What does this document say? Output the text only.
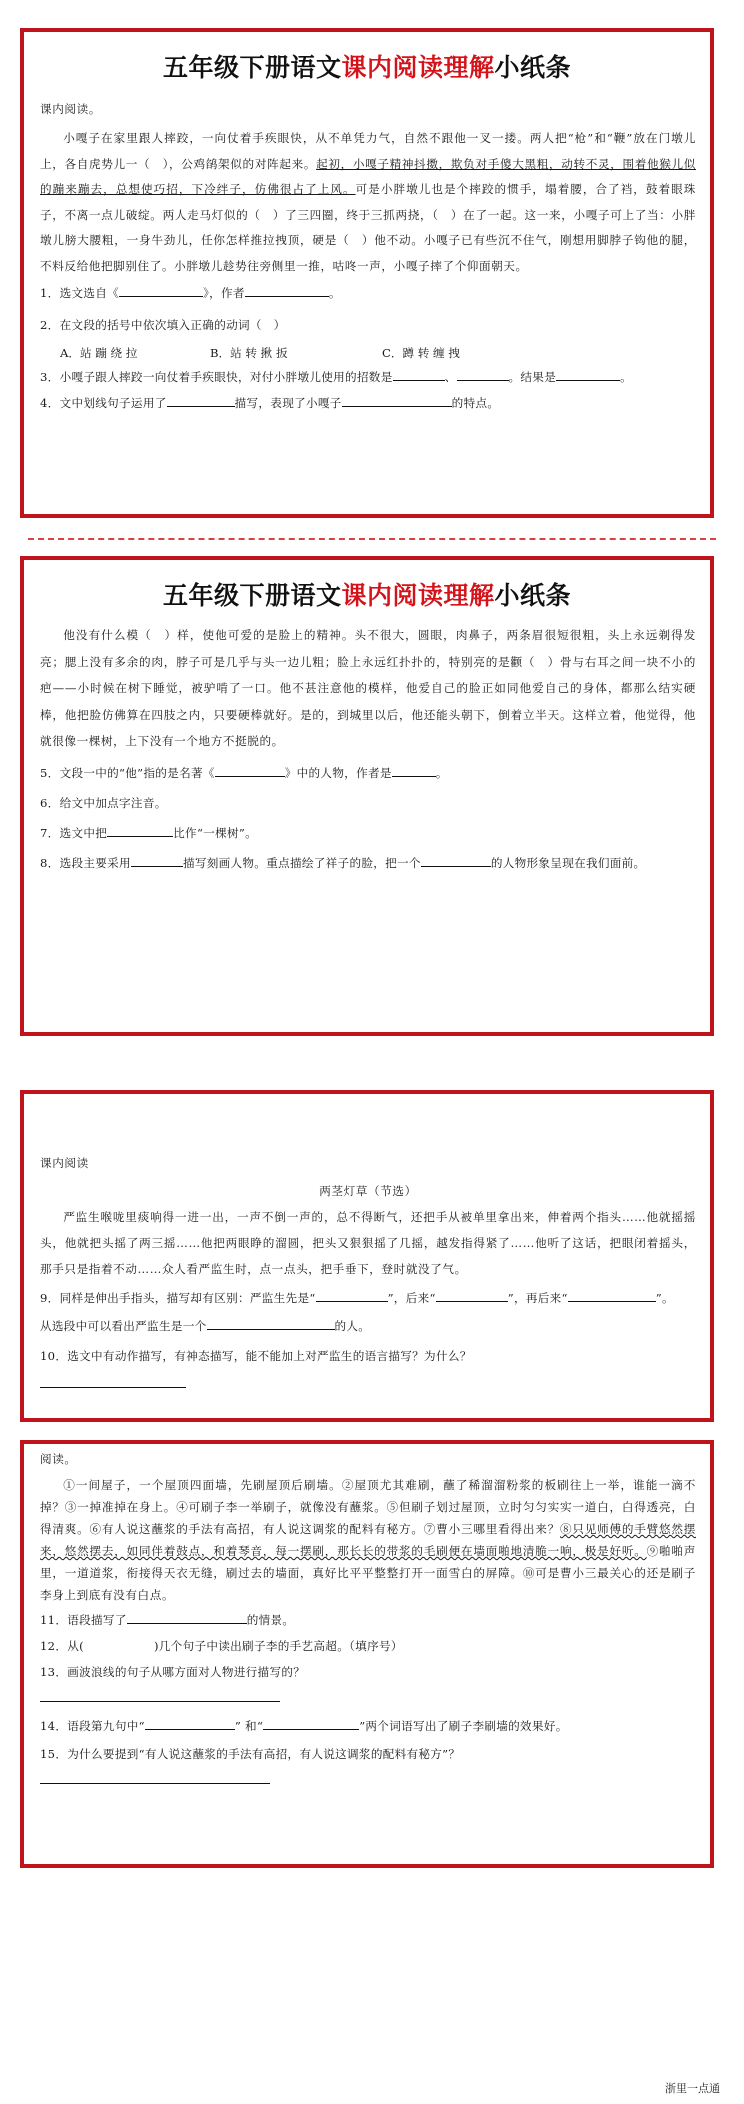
五年级下册语文课内阅读理解小纸条
课内阅读。
小嘎子在家里跟人摔跤，一向仗着手疾眼快，从不单凭力气，自然不跟他一叉一搂。两人把“枪”和“鞭”放在门墩儿上，各自虎势儿一（　），公鸡鹐架似的对阵起来。起初，小嘎子精神抖擞，欺负对手傻大黑粗，动转不灵，围着他猴儿似的蹦来蹦去，总想使巧招，下冷绊子，仿佛很占了上风。可是小胖墩儿也是个摔跤的惯手，塌着腰，合了裆，鼓着眼珠子，不离一点儿破绽。两人走马灯似的（　）了三四圈，终于三抓两挠，（　）在了一起。这一来，小嘎子可上了当：小胖墩儿膀大腰粗，一身牛劲儿，任你怎样推拉拽顶，硬是（　）他不动。小嘎子已有些沉不住气，刚想用脚脖子钩他的腿，不料反给他把脚别住了。小胖墩儿趁势往旁侧里一推，咕咚一声，小嘎子摔了个仰面朝天。
1．选文选自《	》，作者	。
2．在文段的括号中依次填入正确的动词（　）
A．站 蹦 绕 拉	B．站 转 揪 扳	C．蹲 转 缠 拽
3．小嘎子跟人摔跤一向仗着手疾眼快，对付小胖墩儿使用的招数是	、	。结果是	。
4．文中划线句子运用了	描写，表现了小嘎子	的特点。
五年级下册语文课内阅读理解小纸条
他没有什么模（　）样，使他可爱的是脸上的精神。头不很大，圆眼，肉鼻子，两条眉很短很粗，头上永远剃得发亮；腮上没有多余的肉，脖子可是几乎与头一边儿粗；脸上永远红扑扑的，特别亮的是颧（　）骨与右耳之间一块不小的疤——小时候在树下睡觉，被驴啃了一口。他不甚注意他的模样，他爱自己的脸正如同他爱自己的身体，都那么结实硬棒，他把脸仿佛算在四肢之内，只要硬棒就好。是的，到城里以后，他还能头朝下，倒着立半天。这样立着，他觉得，他就很像一棵树，上下没有一个地方不挺脱的。
5．文段一中的“他”指的是名著《	》中的人物，作者是	。
6．给文中加点字注音。
7．选文中把	比作“一棵树”。
8．选段主要采用	描写刻画人物。重点描绘了祥子的脸，把一个	的人物形象呈现在我们面前。
课内阅读
两茎灯草（节选）
严监生喉咙里痰响得一进一出，一声不倒一声的，总不得断气，还把手从被单里拿出来，伸着两个指头……他就摇摇头，他就把头摇了两三摇……他把两眼睁的溜圆，把头又狠狠摇了几摇，越发指得紧了……他听了这话，把眼闭着摇头，那手只是指着不动……众人看严监生时，点一点头，把手垂下，登时就没了气。
9．同样是伸出手指头，描写却有区别：严监生先是“	”，后来“	”，再后来“	”。
从选段中可以看出严监生是一个	的人。
10．选文中有动作描写，有神态描写，能不能加上对严监生的语言描写？为什么？
阅读。
①一间屋子，一个屋顶四面墙，先刷屋顶后刷墙。②屋顶尤其难刷，蘸了稀溜溜粉浆的板刷往上一举，谁能一滴不掉？③一掉准掉在身上。④可刷子李一举刷子，就像没有蘸浆。⑤但刷子划过屋顶，立时匀匀实实一道白，白得透亮，白得清爽。⑥有人说这蘸浆的手法有高招，有人说这调浆的配料有秘方。⑦曹小三哪里看得出来？⑧只见师傅的手臂悠然摆来，悠然摆去，如同伴着鼓点，和着琴音，每一摆刷，那长长的带浆的毛刷便在墙面啪地清脆一响，极是好听。⑨啪啪声里，一道道浆，衔接得天衣无缝，刷过去的墙面，真好比平平整整打开一面雪白的屏障。⑩可是曹小三最关心的还是刷子李身上到底有没有白点。
11．语段描写了	的情景。
12．从(	)几个句子中读出刷子李的手艺高超。（填序号）
13．画波浪线的句子从哪方面对人物进行描写的？
14．语段第九句中“	” 和“	”两个词语写出了刷子李刷墙的效果好。
15．为什么要提到“有人说这蘸浆的手法有高招，有人说这调浆的配料有秘方”？
浙里一点通
